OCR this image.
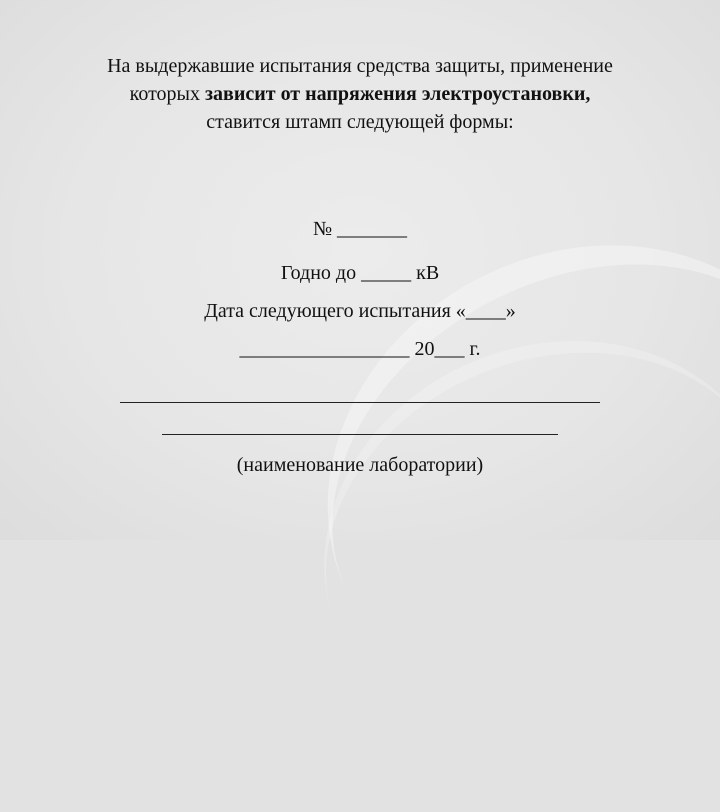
На выдержавшие испытания средства защиты, применение
которых зависит от напряжения электроустановки,
ставится штамп следующей формы:
№ _______
Годно до _____ кВ
Дата следующего испытания «____»
_________________ 20___ г.
(наименование лаборатории)
